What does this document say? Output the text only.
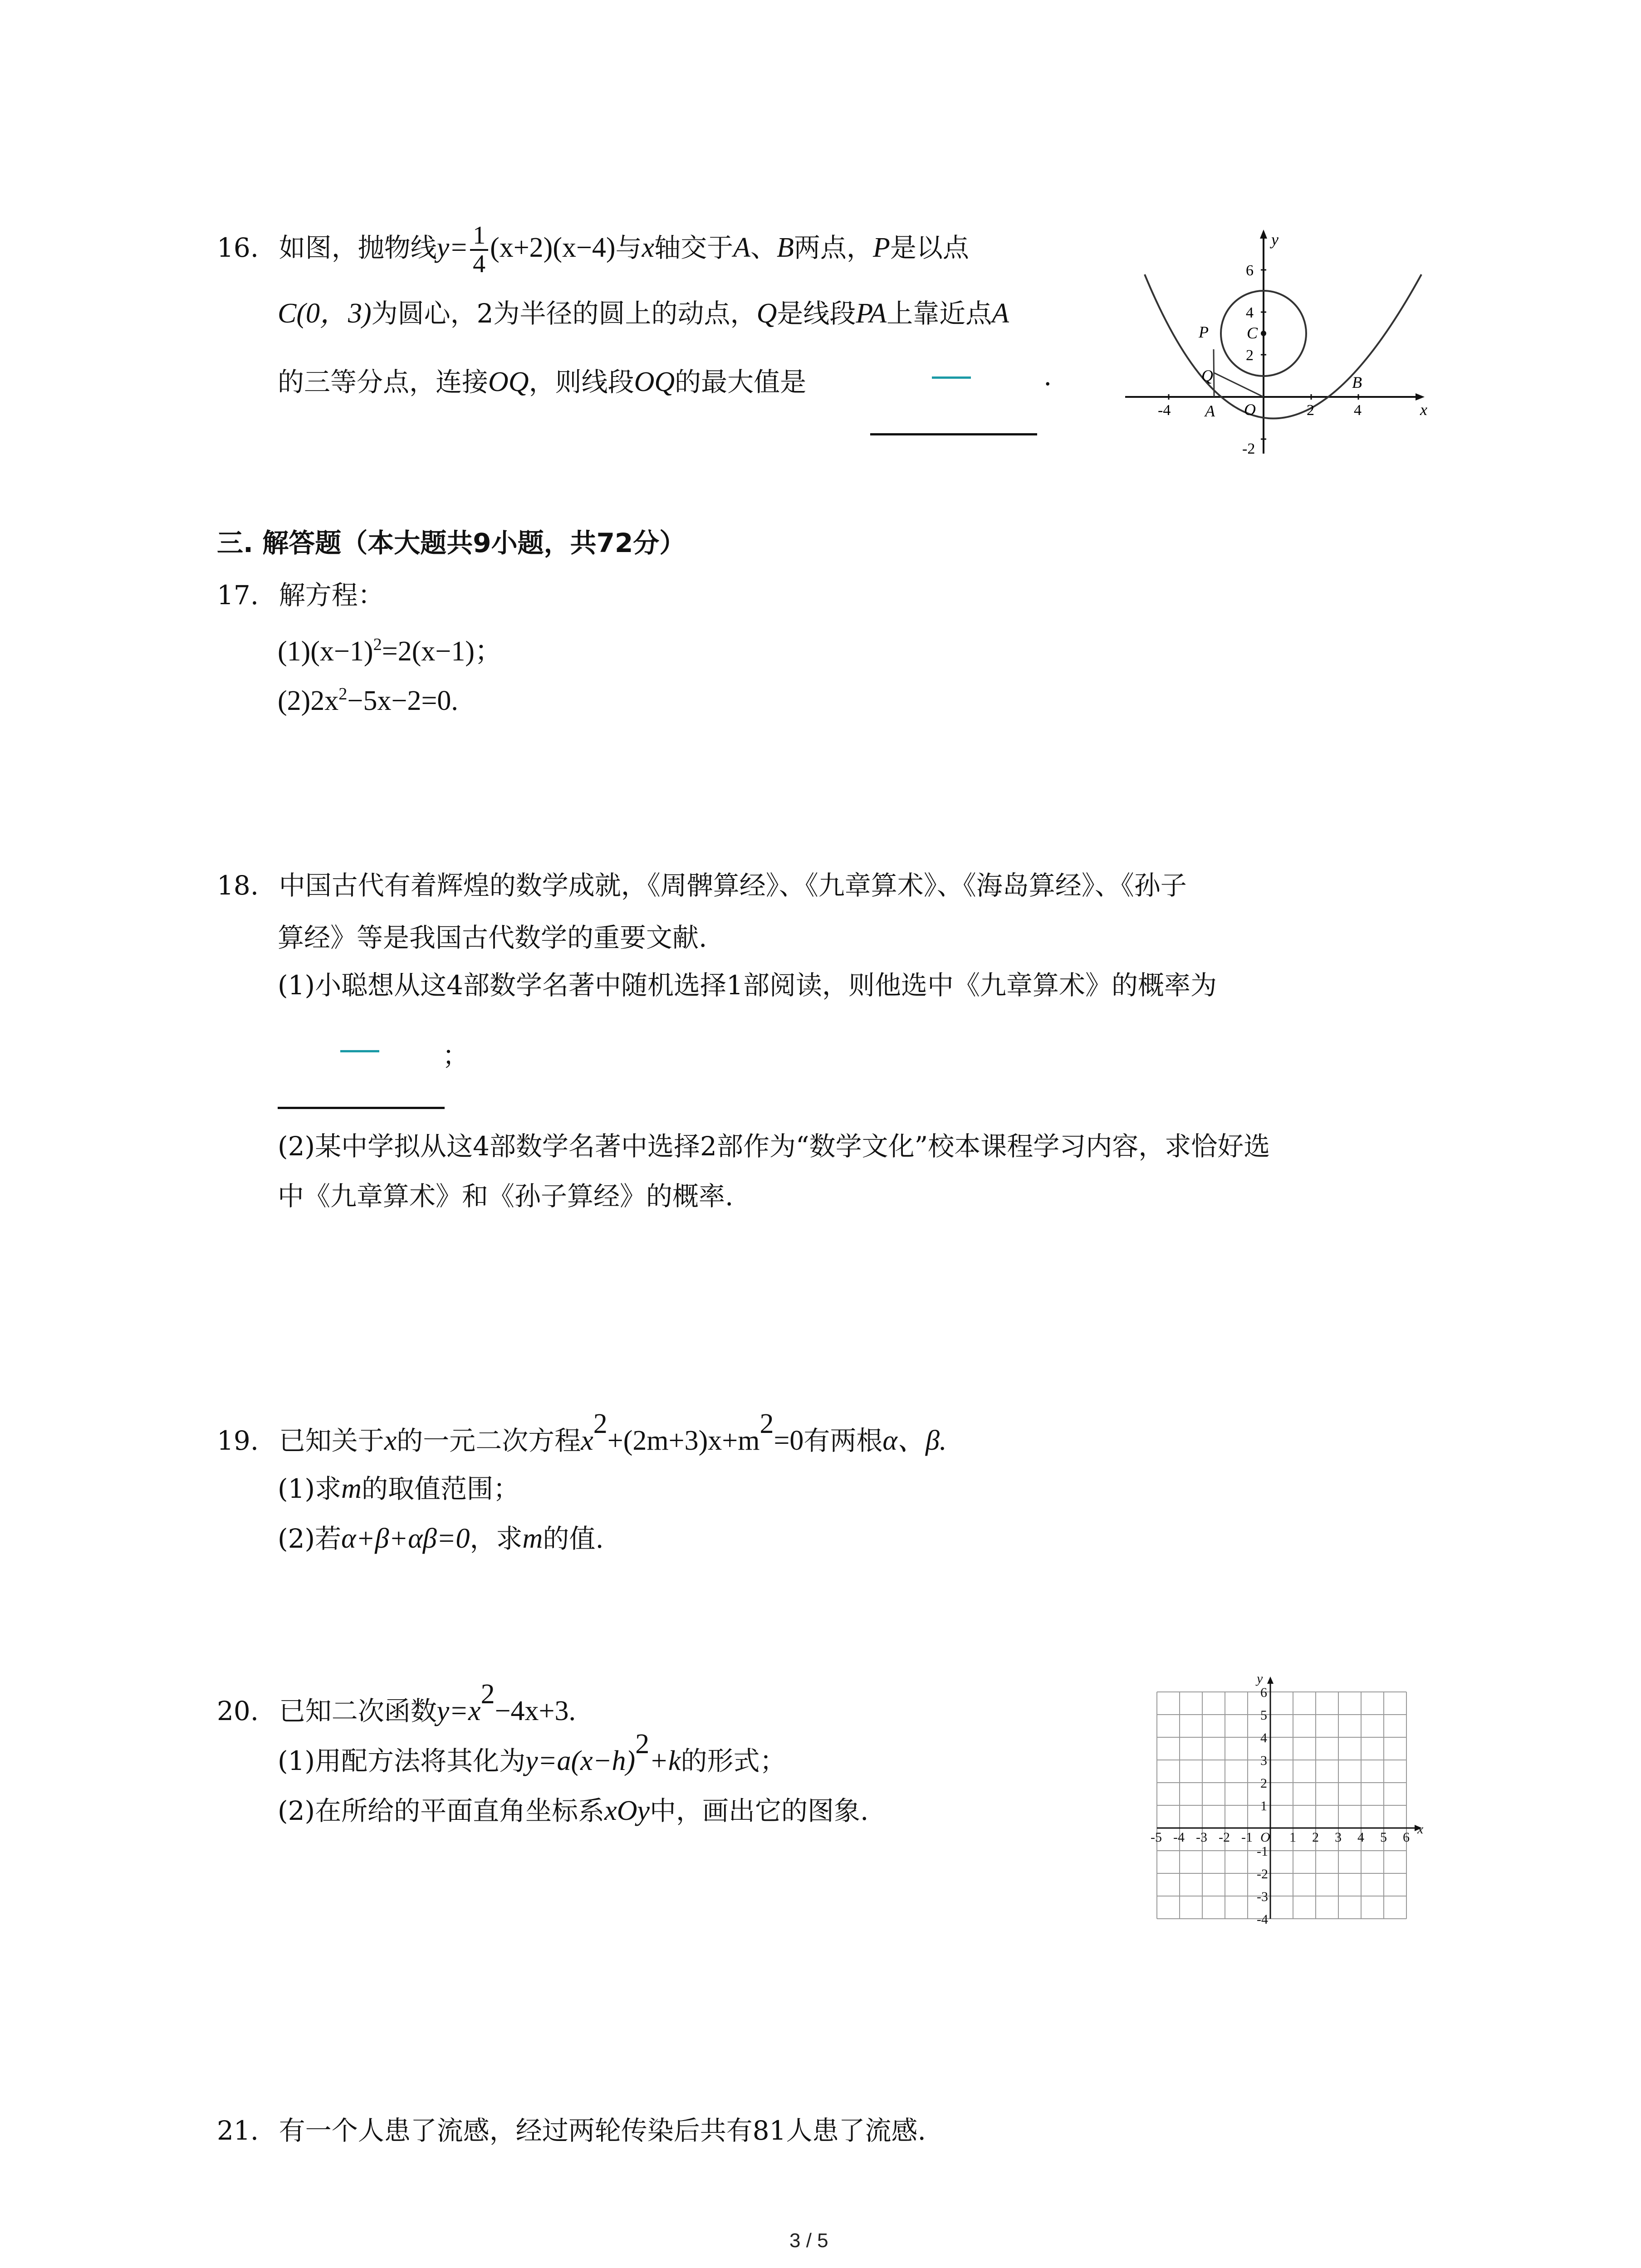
16. 如图，抛物线$y= \frac{1}{4} (x+2)(x-4)$与x轴交于A、B两点，P是以点
C(0，3)为圆心，2为半径的圆上的动点，Q是线段PA上靠近点A
的三等分点，连接OQ，则线段OQ的最大值是	.
y
x
6
4
2
-2
-4	2	4
O
A
B
C
P
Q
三. 解答题（本大题共9小题，共72分）
17. 解方程：
$(1)(x-1)^2=2(x-1)$；
$(2)2x^2-5x-2=0$.
18. 中国古代有着辉煌的数学成就，《周髀算经》、《九章算术》、《海岛算经》、《孙子
算经》等是我国古代数学的重要文献.
(1)小聪想从这4部数学名著中随机选择1部阅读，则他选中《九章算术》的概率为
；
(2)某中学拟从这4部数学名著中选择2部作为“数学文化”校本课程学习内容，求恰好选
中《九章算术》和《孙子算经》的概率.
19. 已知关于x的一元二次方程$x^2+(2m+3)x+m^2=0$有两根α、β.
(1)求m的取值范围；
(2)若α+β+αβ=0，求m的值.
20. 已知二次函数$y=x^2-4x+3$.
(1)用配方法将其化为$y=a(x-h)^2+k$的形式；
(2)在所给的平面直角坐标系xOy中，画出它的图象.
-5 -4 -3 -2 -1	1 2 3 4 5 6
6
5
4
3
2
1
-1
-2
-3
-4
O
x
y
21. 有一个人患了流感，经过两轮传染后共有81人患了流感.
3 / 5
